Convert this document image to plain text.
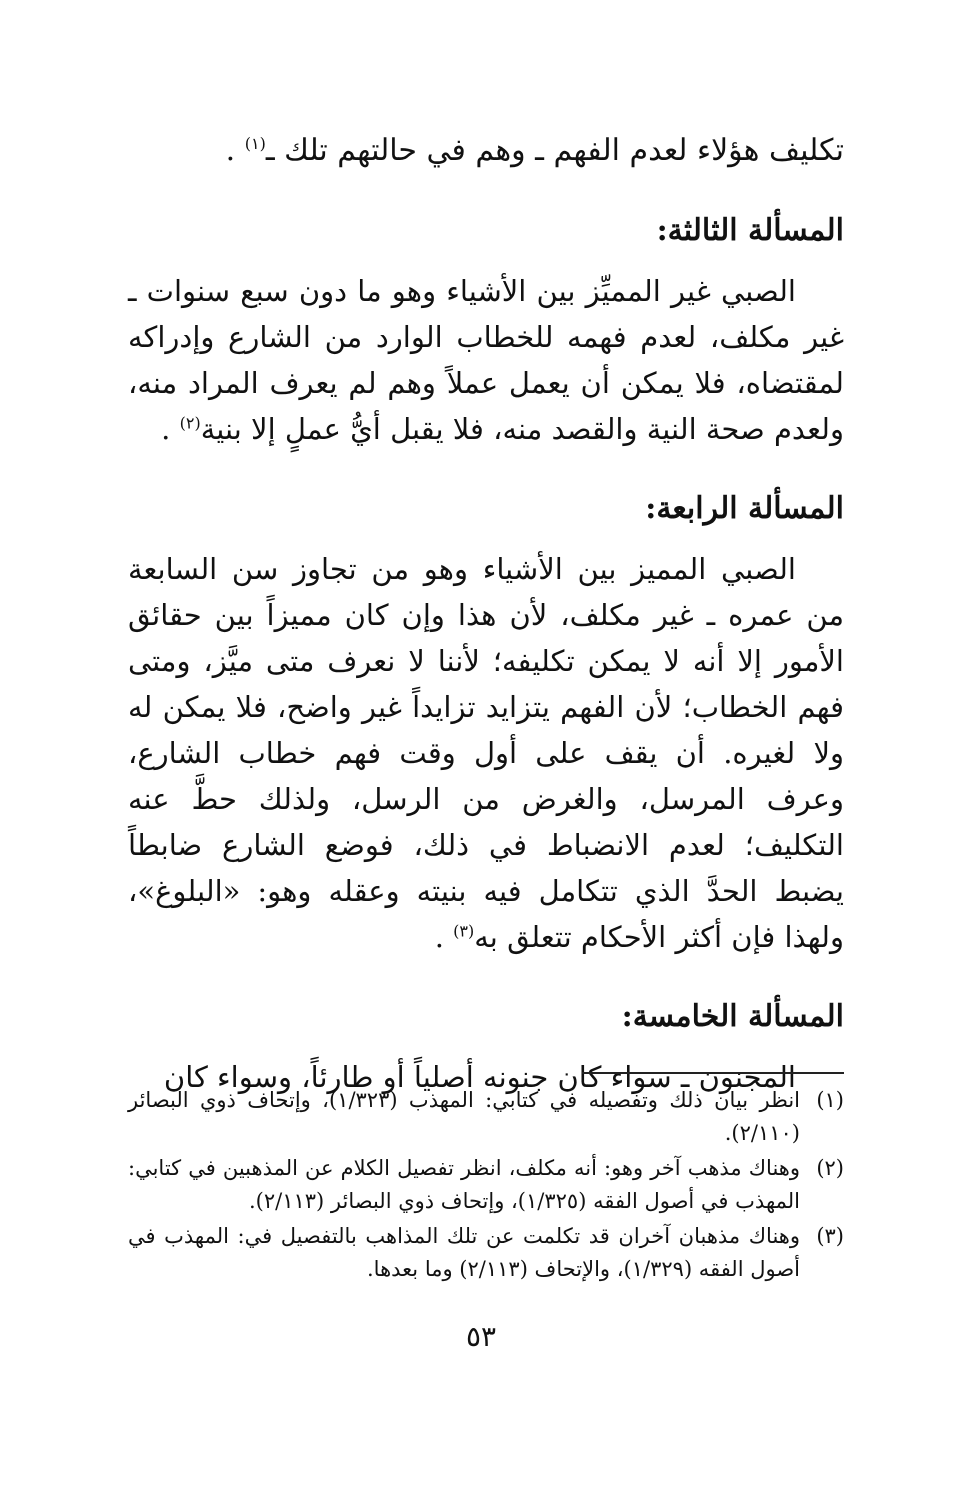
تكليف هؤلاء لعدم الفهم ـ وهم في حالتهم تلك ـ$^{(١)}$ .
المسألة الثالثة:

الصبي غير المميِّز بين الأشياء وهو ما دون سبع سنوات ـ غير مكلف، لعدم فهمه للخطاب الوارد من الشارع وإدراكه لمقتضاه، فلا يمكن أن يعمل عملاً وهم لم يعرف المراد منه، ولعدم صحة النية والقصد منه، فلا يقبل أيُّ عملٍ إلا بنية$^{(٢)}$ .

المسألة الرابعة:

الصبي المميز بين الأشياء وهو من تجاوز سن السابعة من عمره ـ غير مكلف، لأن هذا وإن كان مميزاً بين حقائق الأمور إلا أنه لا يمكن تكليفه؛ لأننا لا نعرف متى ميَّز، ومتى فهم الخطاب؛ لأن الفهم يتزايد تزايداً غير واضح، فلا يمكن له ولا لغيره. أن يقف على أول وقت فهم خطاب الشارع، وعرف المرسل، والغرض من الرسل، ولذلك حطَّ عنه التكليف؛ لعدم الانضباط في ذلك، فوضع الشارع ضابطاً يضبط الحدَّ الذي تتكامل فيه بنيته وعقله وهو: «البلوغ»، ولهذا فإن أكثر الأحكام تتعلق به$^{(٣)}$ .

المسألة الخامسة:

المجنون ـ سواء كان جنونه أصلياً أو طارئاً، وسواء كان

(١)
انظر بيان ذلك وتفصيله في كتابي: المهذب (١/٣٢٣)، وإتحاف ذوي البصائر (٢/١١٠).
(٢)
وهناك مذهب آخر وهو: أنه مكلف، انظر تفصيل الكلام عن المذهبين في كتابي: المهذب في أصول الفقه (١/٣٢٥)، وإتحاف ذوي البصائر (٢/١١٣).
(٣)
وهناك مذهبان آخران قد تكلمت عن تلك المذاهب بالتفصيل في: المهذب في أصول الفقه (١/٣٢٩)، والإتحاف (٢/١١٣) وما بعدها.
٥٣
